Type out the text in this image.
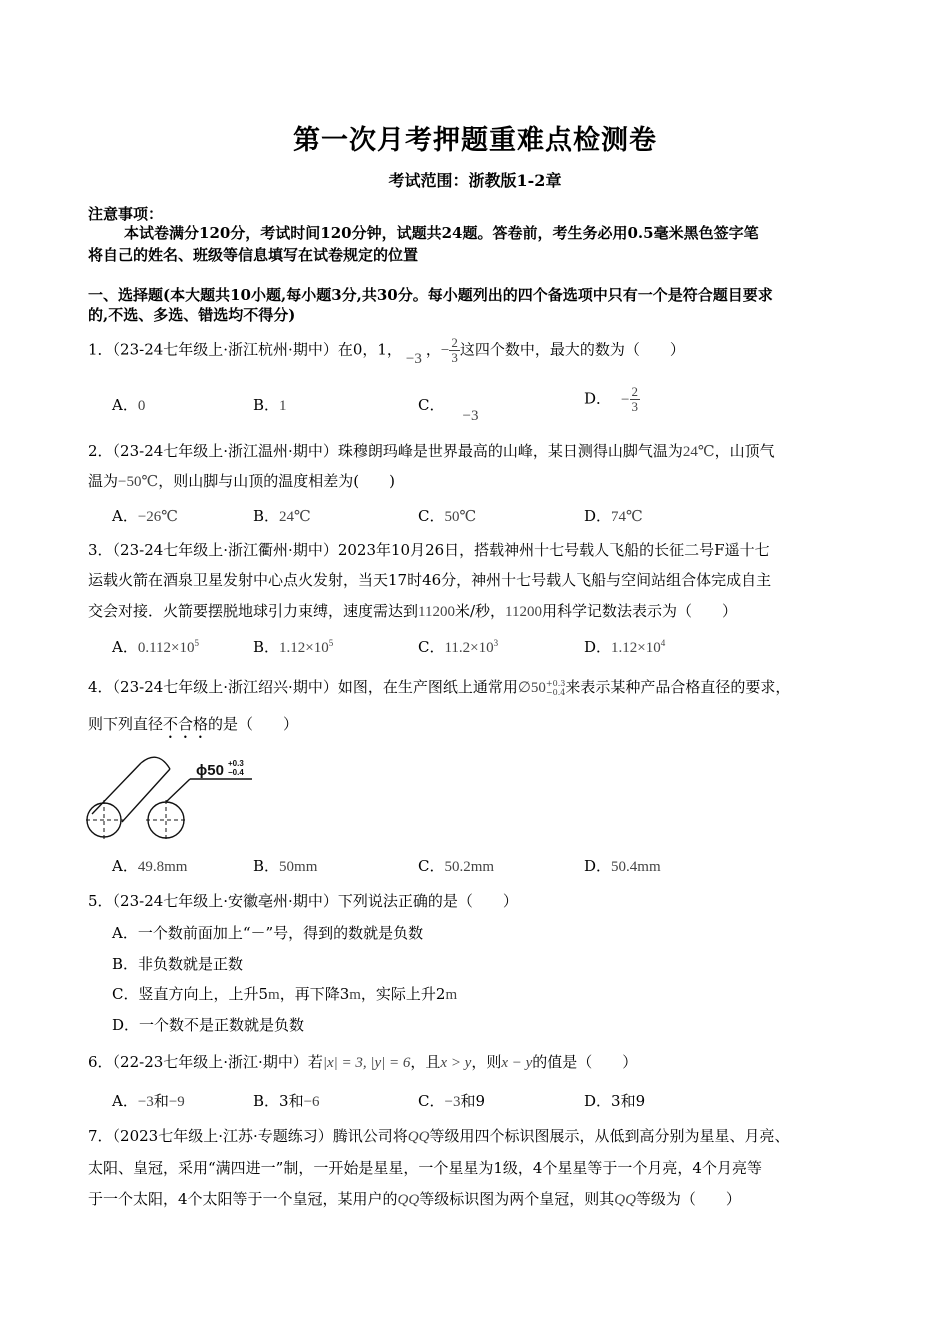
第一次月考押题重难点检测卷
考试范围：浙教版1-2章
注意事项：
本试卷满分120分，考试时间120分钟，试题共24题。答卷前，考生务必用0.5毫米黑色签字笔
将自己的姓名、班级等信息填写在试卷规定的位置
一、选择题(本大题共10小题,每小题3分,共30分。每小题列出的四个备选项中只有一个是符合题目要求
的,不选、多选、错选均不得分)
1．（23-24七年级上·浙江杭州·期中）在0，1， −3 ，− $\frac{2}{3}$ 这四个数中，最大的数为（　　）
A．0	B．1	C．−3
D． − $\frac{2}{3}$
2．（23-24七年级上·浙江温州·期中）珠穆朗玛峰是世界最高的山峰，某日测得山脚气温为24℃，山顶气
温为−50℃，则山脚与山顶的温度相差为(　　)
A．−26℃	B．24℃	C．50℃	D．74℃
3．（23-24七年级上·浙江衢州·期中）2023年10月26日，搭载神州十七号载人飞船的长征二号F遥十七
运载火箭在酒泉卫星发射中心点火发射，当天17时46分，神州十七号载人飞船与空间站组合体完成自主
交会对接．火箭要摆脱地球引力束缚，速度需达到11200米/秒，11200用科学记数法表示为（　　）
A．$0.112\times 10^5$	B．$1.12\times 10^5$	C．$11.2\times 10^3$	D．$1.12\times 10^4$
4．（23-24七年级上·浙江绍兴·期中）如图，在生产图纸上通常用∅50 +0.3
−0.4 来表示某种产品合格直径的要求，
则下列直径不合格的是（　　）
ϕ50 +0.3
−0.4
A．49.8mm	B．50mm	C．50.2mm	D．50.4mm
5．（23-24七年级上·安徽亳州·期中）下列说法正确的是（　　）
A．一个数前面加上“－”号，得到的数就是负数
B．非负数就是正数
C．竖直方向上，上升5m，再下降3m，实际上升2m
D．一个数不是正数就是负数
6．（22-23七年级上·浙江·期中）若|x| = 3, |y| = 6，且x > y，则x − y的值是（　　）
A．−3和−9	B．3和−6	C．−3和9	D．3和9
7．（2023七年级上·江苏·专题练习）腾讯公司将QQ等级用四个标识图展示，从低到高分别为星星、月亮、
太阳、皇冠，采用“满四进一”制，一开始是星星，一个星星为1级，4个星星等于一个月亮，4个月亮等
于一个太阳，4个太阳等于一个皇冠，某用户的QQ等级标识图为两个皇冠，则其QQ等级为（　　）
